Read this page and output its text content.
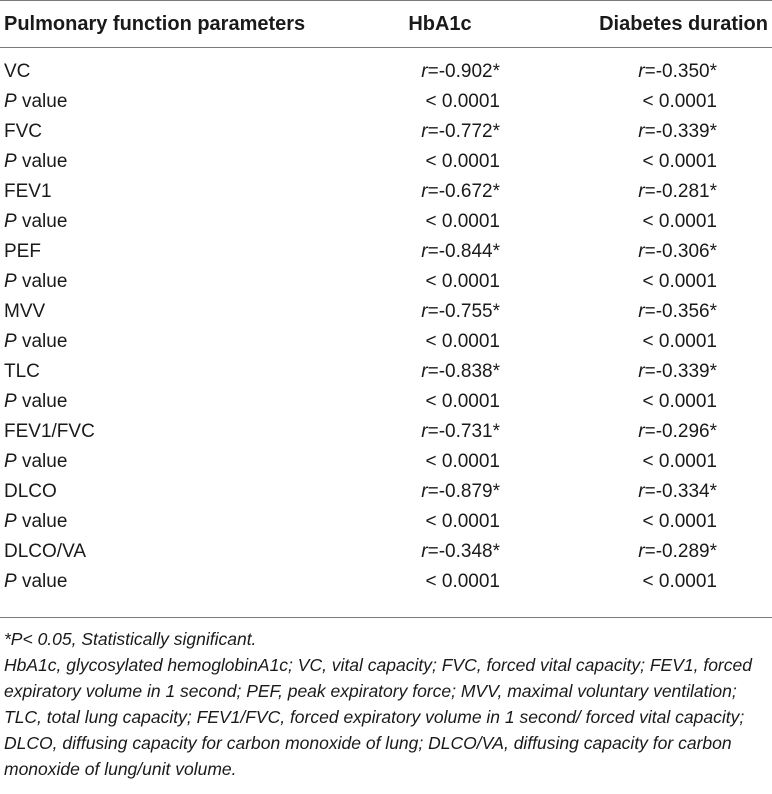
Pulmonary function parameters	HbA1c	Diabetes duration
VC	r=-0.902*	r=-0.350*
P value	< 0.0001	< 0.0001
FVC	r=-0.772*	r=-0.339*
P value	< 0.0001	< 0.0001
FEV1	r=-0.672*	r=-0.281*
P value	< 0.0001	< 0.0001
PEF	r=-0.844*	r=-0.306*
P value	< 0.0001	< 0.0001
MVV	r=-0.755*	r=-0.356*
P value	< 0.0001	< 0.0001
TLC	r=-0.838*	r=-0.339*
P value	< 0.0001	< 0.0001
FEV1/FVC	r=-0.731*	r=-0.296*
P value	< 0.0001	< 0.0001
DLCO	r=-0.879*	r=-0.334*
P value	< 0.0001	< 0.0001
DLCO/VA	r=-0.348*	r=-0.289*
P value	< 0.0001	< 0.0001

*P< 0.05, Statistically significant.

HbA1c, glycosylated hemoglobinA1c; VC, vital capacity; FVC, forced vital capacity; FEV1, forced expiratory volume in 1 second; PEF, peak expiratory force; MVV, maximal voluntary ventilation; TLC, total lung capacity; FEV1/FVC, forced expiratory volume in 1 second/ forced vital capacity; DLCO, diffusing capacity for carbon monoxide of lung; DLCO/VA, diffusing capacity for carbon monoxide of lung/unit volume.
